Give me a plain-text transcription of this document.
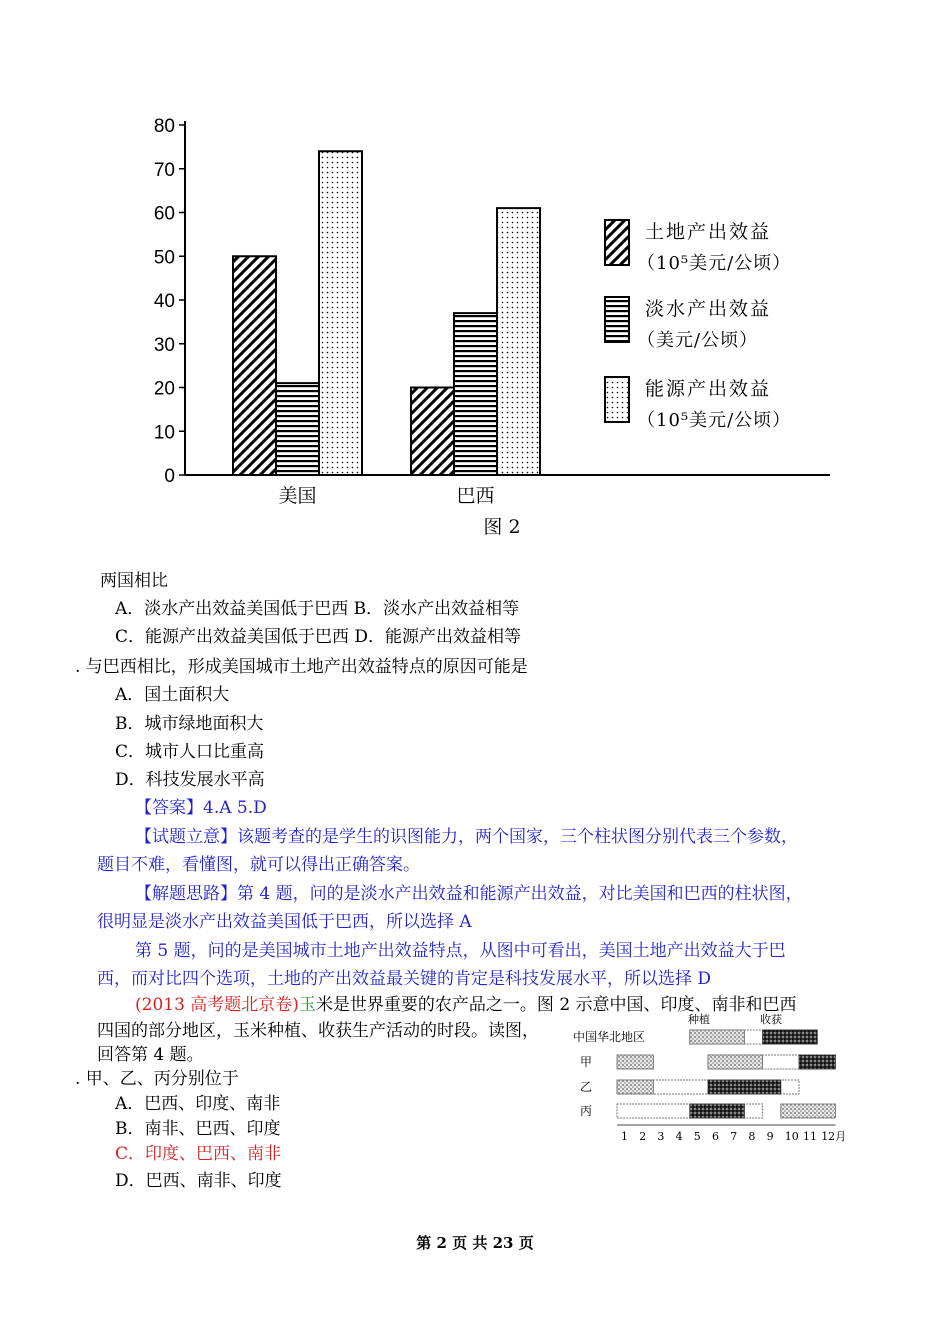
0
10
20
30
40
50
60
70
80
美国	巴西
图 2
土地产出效益
（10⁵美元/公顷）
淡水产出效益
（美元/公顷）
能源产出效益
（10⁵美元/公顷）
两国相比
A．淡水产出效益美国低于巴西 B．淡水产出效益相等
C．能源产出效益美国低于巴西 D．能源产出效益相等
. 与巴西相比，形成美国城市土地产出效益特点的原因可能是
A．国土面积大
B．城市绿地面积大
C．城市人口比重高
D．科技发展水平高
【答案】4.A 5.D
【试题立意】该题考查的是学生的识图能力，两个国家，三个柱状图分别代表三个参数，
题目不难，看懂图，就可以得出正确答案。
【解题思路】第 4 题，问的是淡水产出效益和能源产出效益，对比美国和巴西的柱状图，
很明显是淡水产出效益美国低于巴西，所以选择 A
第 5 题，问的是美国城市土地产出效益特点，从图中可看出，美国土地产出效益大于巴
西，而对比四个选项，土地的产出效益最关键的肯定是科技发展水平，所以选择 D
(2013 高考题北京卷)玉米是世界重要的农产品之一。图 2 示意中国、印度、南非和巴西
四国的部分地区，玉米种植、收获生产活动的时段。读图，
回答第 4 题。
. 甲、乙、丙分别位于
A．巴西、印度、南非
B．南非、巴西、印度
C．印度、巴西、南非
D．巴西、南非、印度
种植	收获
中国华北地区
甲
乙
丙
1 2 3 4 5 6 7 8 9 10 11 12月
第 2 页 共 23 页
